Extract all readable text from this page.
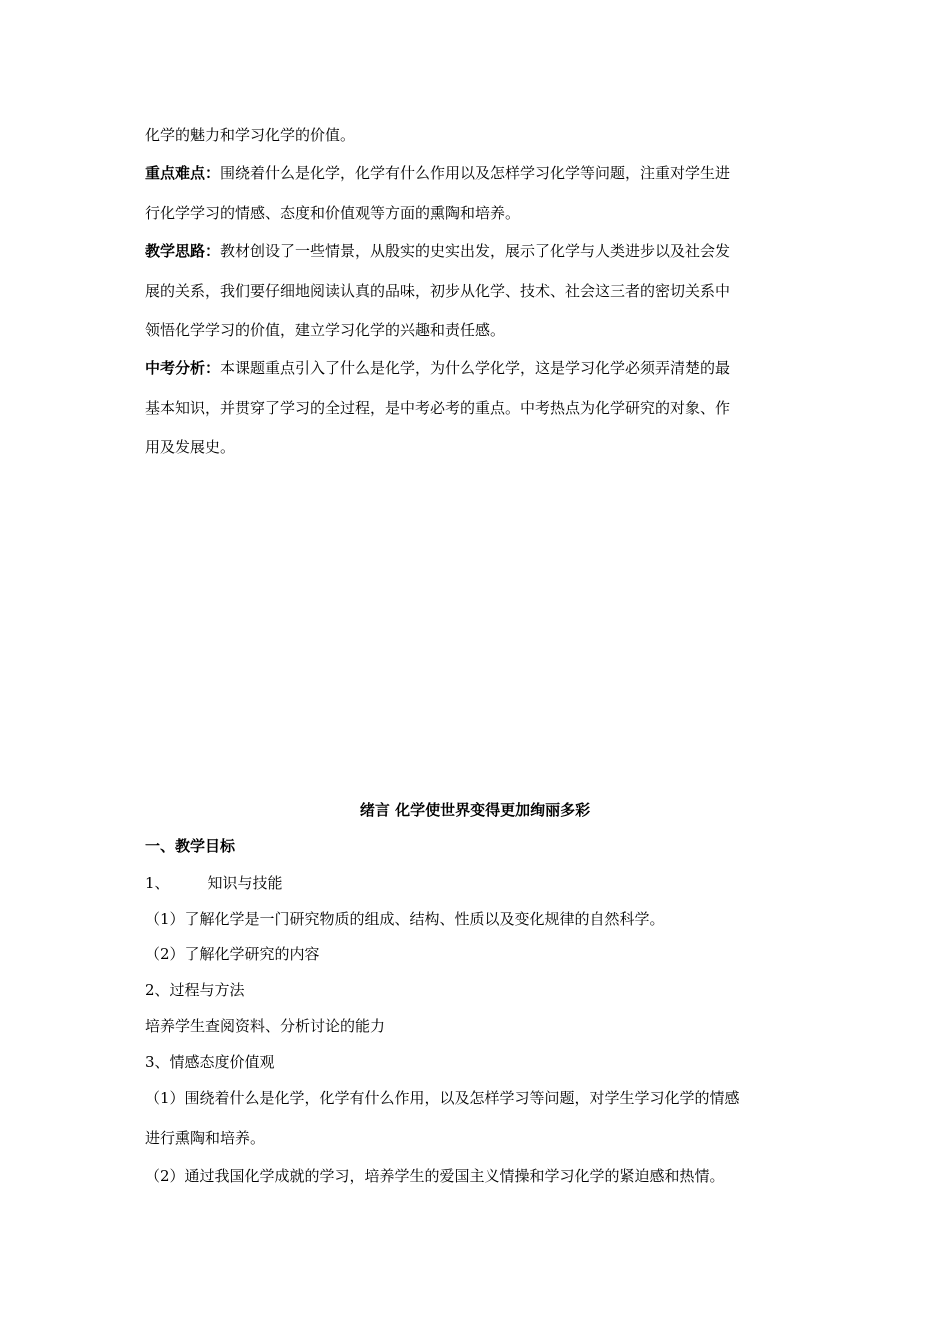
化学的魅力和学习化学的价值。
重点难点：围绕着什么是化学，化学有什么作用以及怎样学习化学等问题，注重对学生进
行化学学习的情感、态度和价值观等方面的熏陶和培养。
教学思路：教材创设了一些情景，从殷实的史实出发，展示了化学与人类进步以及社会发
展的关系，我们要仔细地阅读认真的品味，初步从化学、技术、社会这三者的密切关系中
领悟化学学习的价值，建立学习化学的兴趣和责任感。
中考分析：本课题重点引入了什么是化学，为什么学化学，这是学习化学必须弄清楚的最
基本知识，并贯穿了学习的全过程，是中考必考的重点。中考热点为化学研究的对象、作
用及发展史。
绪言 化学使世界变得更加绚丽多彩
一、教学目标
1、	知识与技能
（1）了解化学是一门研究物质的组成、结构、性质以及变化规律的自然科学。
（2）了解化学研究的内容
2、过程与方法
培养学生查阅资料、分析讨论的能力
3、情感态度价值观
（1）围绕着什么是化学，化学有什么作用，以及怎样学习等问题，对学生学习化学的情感
进行熏陶和培养。
（2）通过我国化学成就的学习，培养学生的爱国主义情操和学习化学的紧迫感和热情。
